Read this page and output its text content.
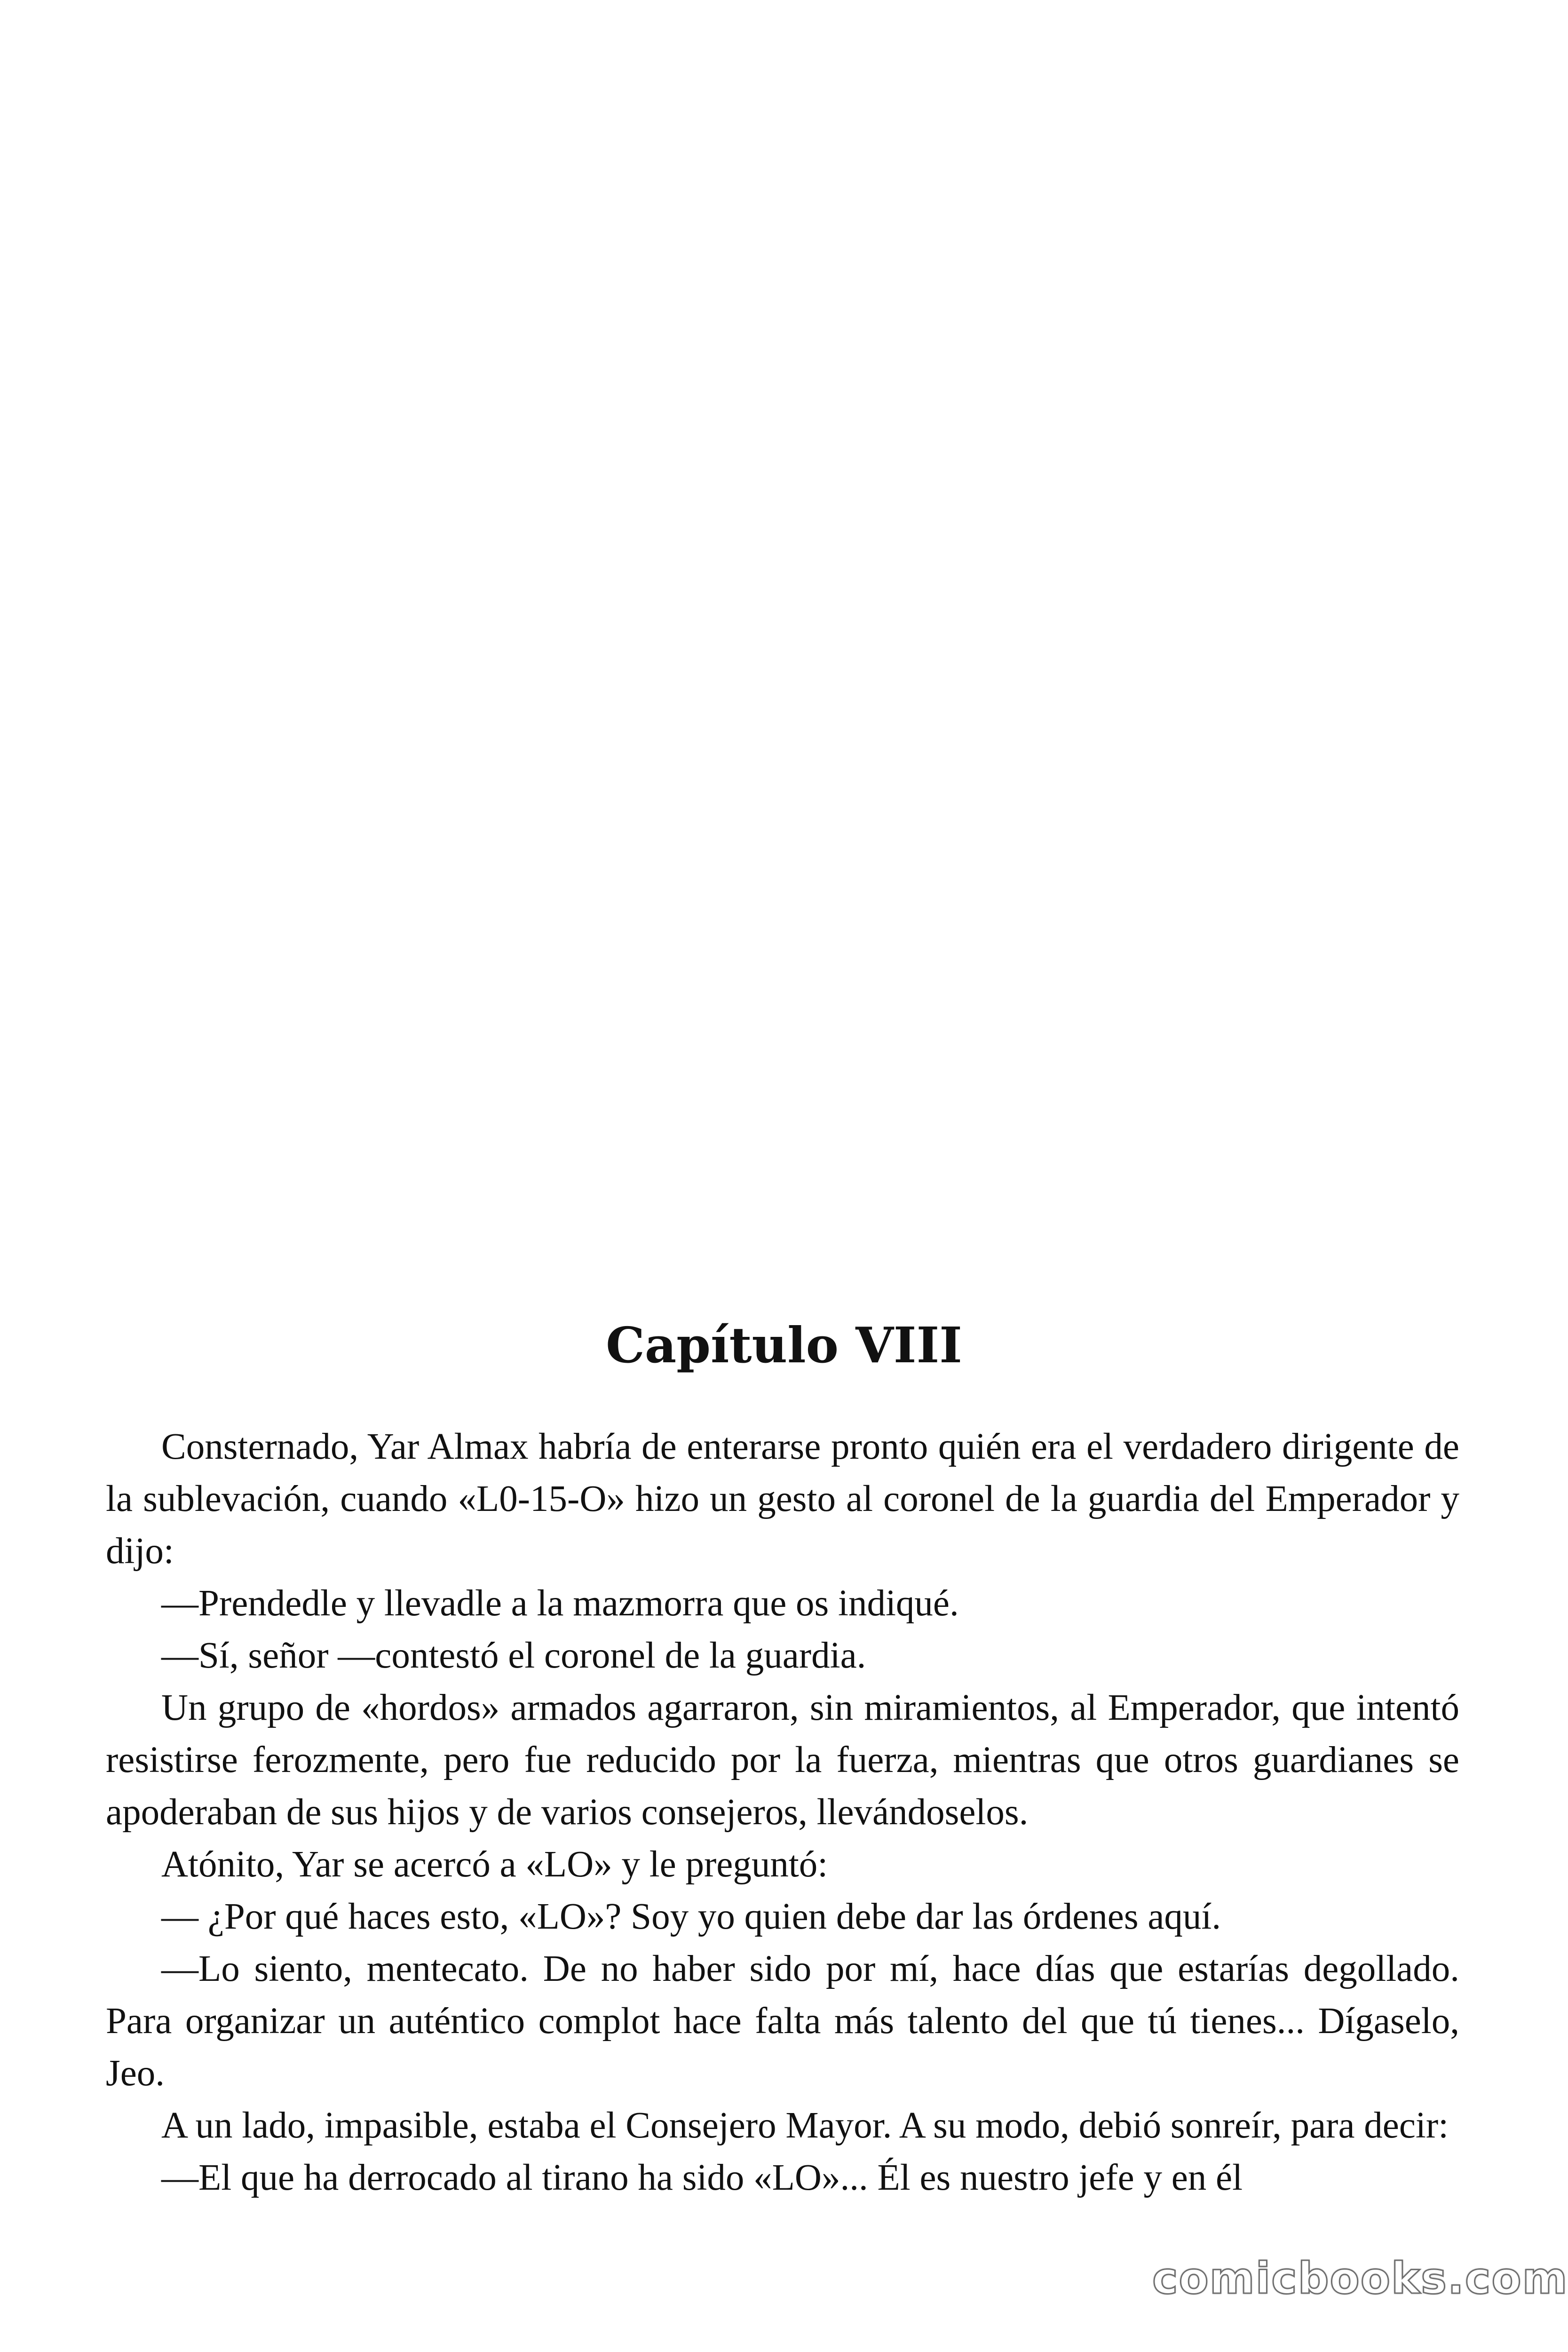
Capítulo VIII

Consternado, Yar Almax habría de enterarse pronto quién era el verdadero dirigente de la sublevación, cuando «L0-15-O» hizo un gesto al coronel de la guardia del Emperador y dijo:

—Prendedle y llevadle a la mazmorra que os indiqué.

—Sí, señor —contestó el coronel de la guardia.

Un grupo de «hordos» armados agarraron, sin miramientos, al Emperador, que intentó resistirse ferozmente, pero fue reducido por la fuerza, mientras que otros guardianes se apoderaban de sus hijos y de varios consejeros, llevándoselos.

Atónito, Yar se acercó a «LO» y le preguntó:

— ¿Por qué haces esto, «LO»? Soy yo quien debe dar las órdenes aquí.

—Lo siento, mentecato. De no haber sido por mí, hace días que estarías degollado. Para organizar un auténtico complot hace falta más talento del que tú tienes... Dígaselo, Jeo.

A un lado, impasible, estaba el Consejero Mayor. A su modo, debió sonreír, para decir:

—El que ha derrocado al tirano ha sido «LO»... Él es nuestro jefe y en él

comicbooks.com
